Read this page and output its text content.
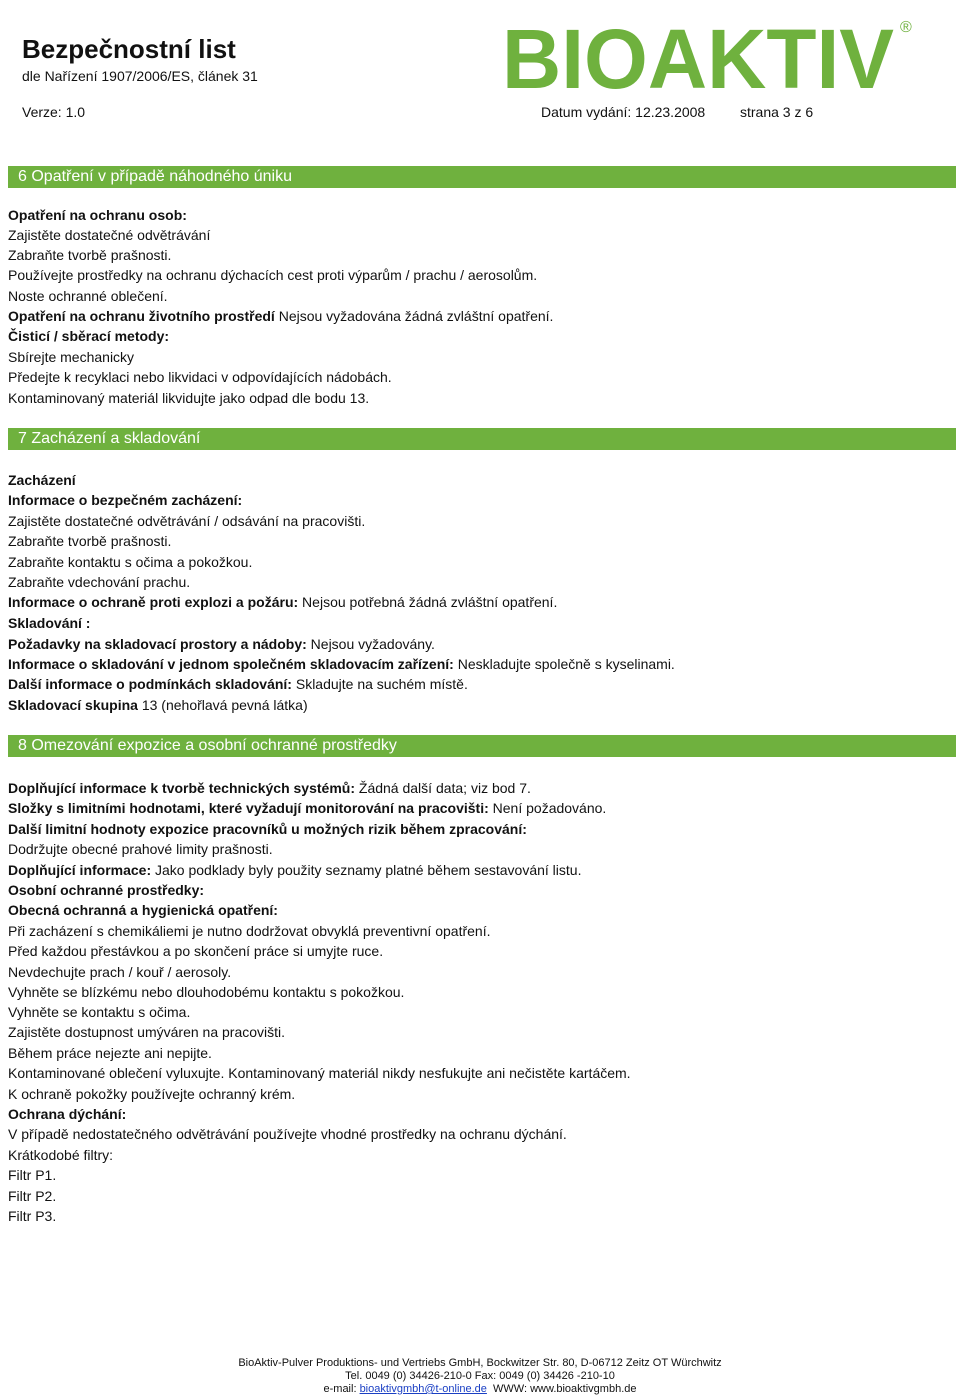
Bezpečnostní list
dle Nařízení 1907/2006/ES, článek 31
Verze: 1.0	Datum vydání: 12.23.2008 strana 3 z 6
BIOAKTIV ®
6 Opatření v případě náhodného úniku
Opatření na ochranu osob:
Zajistěte dostatečné odvětrávání
Zabraňte tvorbě prašnosti.
Používejte prostředky na ochranu dýchacích cest proti výparům / prachu / aerosolům.
Noste ochranné oblečení.
Opatření na ochranu životního prostředí Nejsou vyžadována žádná zvláštní opatření.
Čisticí / sběrací metody:
Sbírejte mechanicky
Předejte k recyklaci nebo likvidaci v odpovídajících nádobách.
Kontaminovaný materiál likvidujte jako odpad dle bodu 13.
7 Zacházení a skladování
Zacházení
Informace o bezpečném zacházení:
Zajistěte dostatečné odvětrávání / odsávání na pracovišti.
Zabraňte tvorbě prašnosti.
Zabraňte kontaktu s očima a pokožkou.
Zabraňte vdechování prachu.
Informace o ochraně proti explozi a požáru: Nejsou potřebná žádná zvláštní opatření.
Skladování :
Požadavky na skladovací prostory a nádoby: Nejsou vyžadovány.
Informace o skladování v jednom společném skladovacím zařízení: Neskladujte společně s kyselinami.
Další informace o podmínkách skladování: Skladujte na suchém místě.
Skladovací skupina 13 (nehořlavá pevná látka)
8 Omezování expozice a osobní ochranné prostředky
Doplňující informace k tvorbě technických systémů: Žádná další data; viz bod 7.
Složky s limitními hodnotami, které vyžadují monitorování na pracovišti: Není požadováno.
Další limitní hodnoty expozice pracovníků u možných rizik během zpracování:
Dodržujte obecné prahové limity prašnosti.
Doplňující informace: Jako podklady byly použity seznamy platné během sestavování listu.
Osobní ochranné prostředky:
Obecná ochranná a hygienická opatření:
Při zacházení s chemikáliemi je nutno dodržovat obvyklá preventivní opatření.
Před každou přestávkou a po skončení práce si umyjte ruce.
Nevdechujte prach / kouř / aerosoly.
Vyhněte se blízkému nebo dlouhodobému kontaktu s pokožkou.
Vyhněte se kontaktu s očima.
Zajistěte dostupnost umýváren na pracovišti.
Během práce nejezte ani nepijte.
Kontaminované oblečení vyluxujte. Kontaminovaný materiál nikdy nesfukujte ani nečistěte kartáčem.
K ochraně pokožky používejte ochranný krém.
Ochrana dýchání:
V případě nedostatečného odvětrávání používejte vhodné prostředky na ochranu dýchání.
Krátkodobé filtry:
Filtr P1.
Filtr P2.
Filtr P3.
BioAktiv-Pulver Produktions- und Vertriebs GmbH, Bockwitzer Str. 80, D-06712 Zeitz OT Würchwitz
Tel. 0049 (0) 34426-210-0 Fax: 0049 (0) 34426 -210-10
e-mail: bioaktivgmbh@t-online.de  WWW: www.bioaktivgmbh.de
